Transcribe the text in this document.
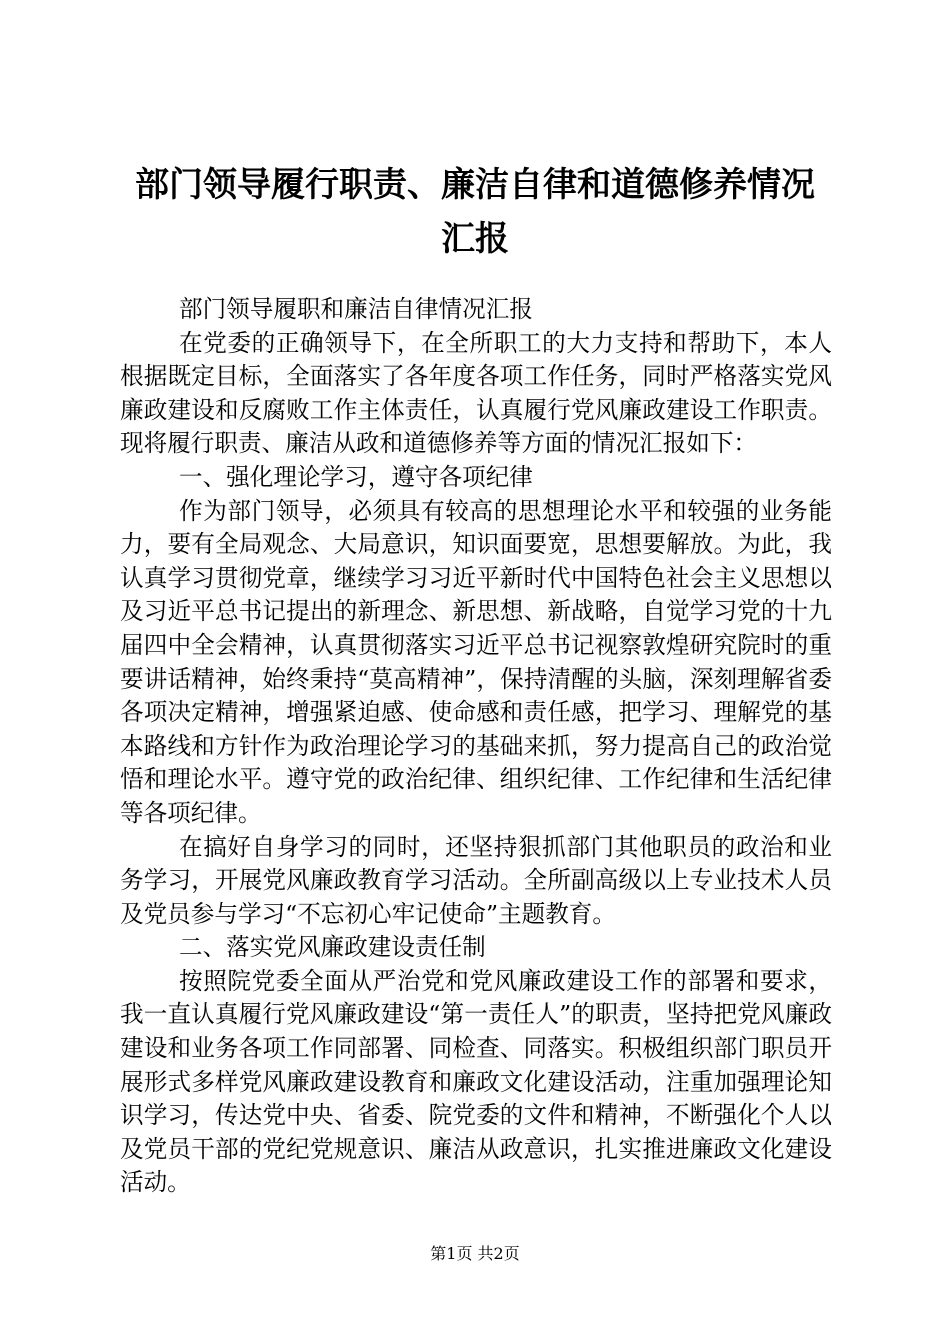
部门领导履行职责、廉洁自律和道德修养情况汇报

部门领导履职和廉洁自律情况汇报

在党委的正确领导下，在全所职工的大力支持和帮助下，本人根据既定目标，全面落实了各年度各项工作任务，同时严格落实党风廉政建设和反腐败工作主体责任，认真履行党风廉政建设工作职责。现将履行职责、廉洁从政和道德修养等方面的情况汇报如下：

一、强化理论学习，遵守各项纪律

作为部门领导，必须具有较高的思想理论水平和较强的业务能力，要有全局观念、大局意识，知识面要宽，思想要解放。为此，我认真学习贯彻党章，继续学习习近平新时代中国特色社会主义思想以及习近平总书记提出的新理念、新思想、新战略，自觉学习党的十九届四中全会精神，认真贯彻落实习近平总书记视察敦煌研究院时的重要讲话精神，始终秉持“莫高精神”，保持清醒的头脑，深刻理解省委各项决定精神，增强紧迫感、使命感和责任感，把学习、理解党的基本路线和方针作为政治理论学习的基础来抓，努力提高自己的政治觉悟和理论水平。遵守党的政治纪律、组织纪律、工作纪律和生活纪律等各项纪律。

在搞好自身学习的同时，还坚持狠抓部门其他职员的政治和业务学习，开展党风廉政教育学习活动。全所副高级以上专业技术人员及党员参与学习“不忘初心牢记使命”主题教育。

二、落实党风廉政建设责任制

按照院党委全面从严治党和党风廉政建设工作的部署和要求，我一直认真履行党风廉政建设“第一责任人”的职责，坚持把党风廉政建设和业务各项工作同部署、同检查、同落实。积极组织部门职员开展形式多样党风廉政建设教育和廉政文化建设活动，注重加强理论知识学习，传达党中央、省委、院党委的文件和精神，不断强化个人以及党员干部的党纪党规意识、廉洁从政意识，扎实推进廉政文化建设活动。

第1页 共2页
